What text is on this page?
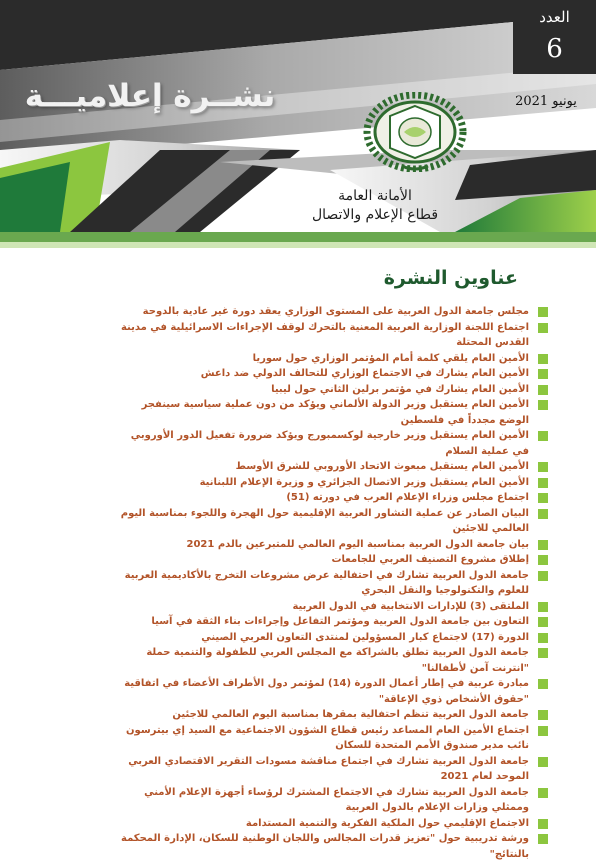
العدد
6
يونيو 2021
نشــرة إعلاميـــة
الأمانة العامة
قطاع الإعلام والاتصال
عناوين النشرة
مجلس جامعة الدول العربية على المستوى الوزاري يعقد دورة غير عادية بالدوحة
اجتماع اللجنة الوزارية العربية المعنية بالتحرك لوقف الإجراءات الاسرائيلية في مدينة القدس المحتلة
الأمين العام يلقي كلمة أمام المؤتمر الوزاري حول سوريا
الأمين العام يشارك في الاجتماع الوزاري للتحالف الدولي ضد داعش
الأمين العام يشارك في مؤتمر برلين الثاني حول ليبيا
الأمين العام يستقبل وزير الدولة الألماني ويؤكد من دون عملية سياسية سينفجر الوضع مجدداً في فلسطين
الأمين العام يستقبل وزير خارجية لوكسمبورج ويؤكد ضرورة تفعيل الدور الأوروبي في عملية السلام
الأمين العام يستقبل مبعوث الاتحاد الأوروبي للشرق الأوسط
الأمين العام يستقبل وزير الاتصال الجزائري و وزيرة الإعلام اللبنانية
اجتماع مجلس وزراء الإعلام العرب في دورته (51)
البيان الصادر عن عملية التشاور العربية الإقليمية حول الهجرة واللجوء بمناسبة اليوم العالمي للاجئين
بيان جامعة الدول العربية بمناسبة اليوم العالمي للمتبرعين بالدم 2021
إطلاق مشروع التصنيف العربي للجامعات
جامعة الدول العربية تشارك في احتفالية عرض مشروعات التخرج بالأكاديمية العربية للعلوم والتكنولوجيا والنقل البحري
الملتقى (3) للإدارات الانتخابية في الدول العربية
التعاون بين جامعة الدول العربية ومؤتمر التفاعل وإجراءات بناء الثقة في آسيا
الدورة (17) لاجتماع كبار المسؤولين لمنتدى التعاون العربي الصيني
جامعة الدول العربية تطلق بالشراكة مع المجلس العربي للطفولة والتنمية حملة "انترنت آمن لأطفالنا"
مبادرة عربية في إطار أعمال الدورة (14) لمؤتمر دول الأطراف الأعضاء في اتفاقية "حقوق الأشخاص ذوي الإعاقة"
جامعة الدول العربية تنظم احتفالية بمقرها بمناسبة اليوم العالمي للاجئين
اجتماع الأمين العام المساعد رئيس قطاع الشؤون الاجتماعية مع السيد إي بيترسون نائب مدير صندوق الأمم المتحدة للسكان
جامعة الدول العربية تشارك في اجتماع مناقشة مسودات التقرير الاقتصادي العربي الموحد لعام 2021
جامعة الدول العربية تشارك في الاجتماع المشترك لرؤساء أجهزة الإعلام الأمني وممثلي وزارات الإعلام بالدول العربية
الاجتماع الإقليمي حول الملكية الفكرية والتنمية المستدامة
ورشة تدريبية حول "تعزيز قدرات المجالس واللجان الوطنية للسكان، الإدارة المحكمة بالنتائج"
